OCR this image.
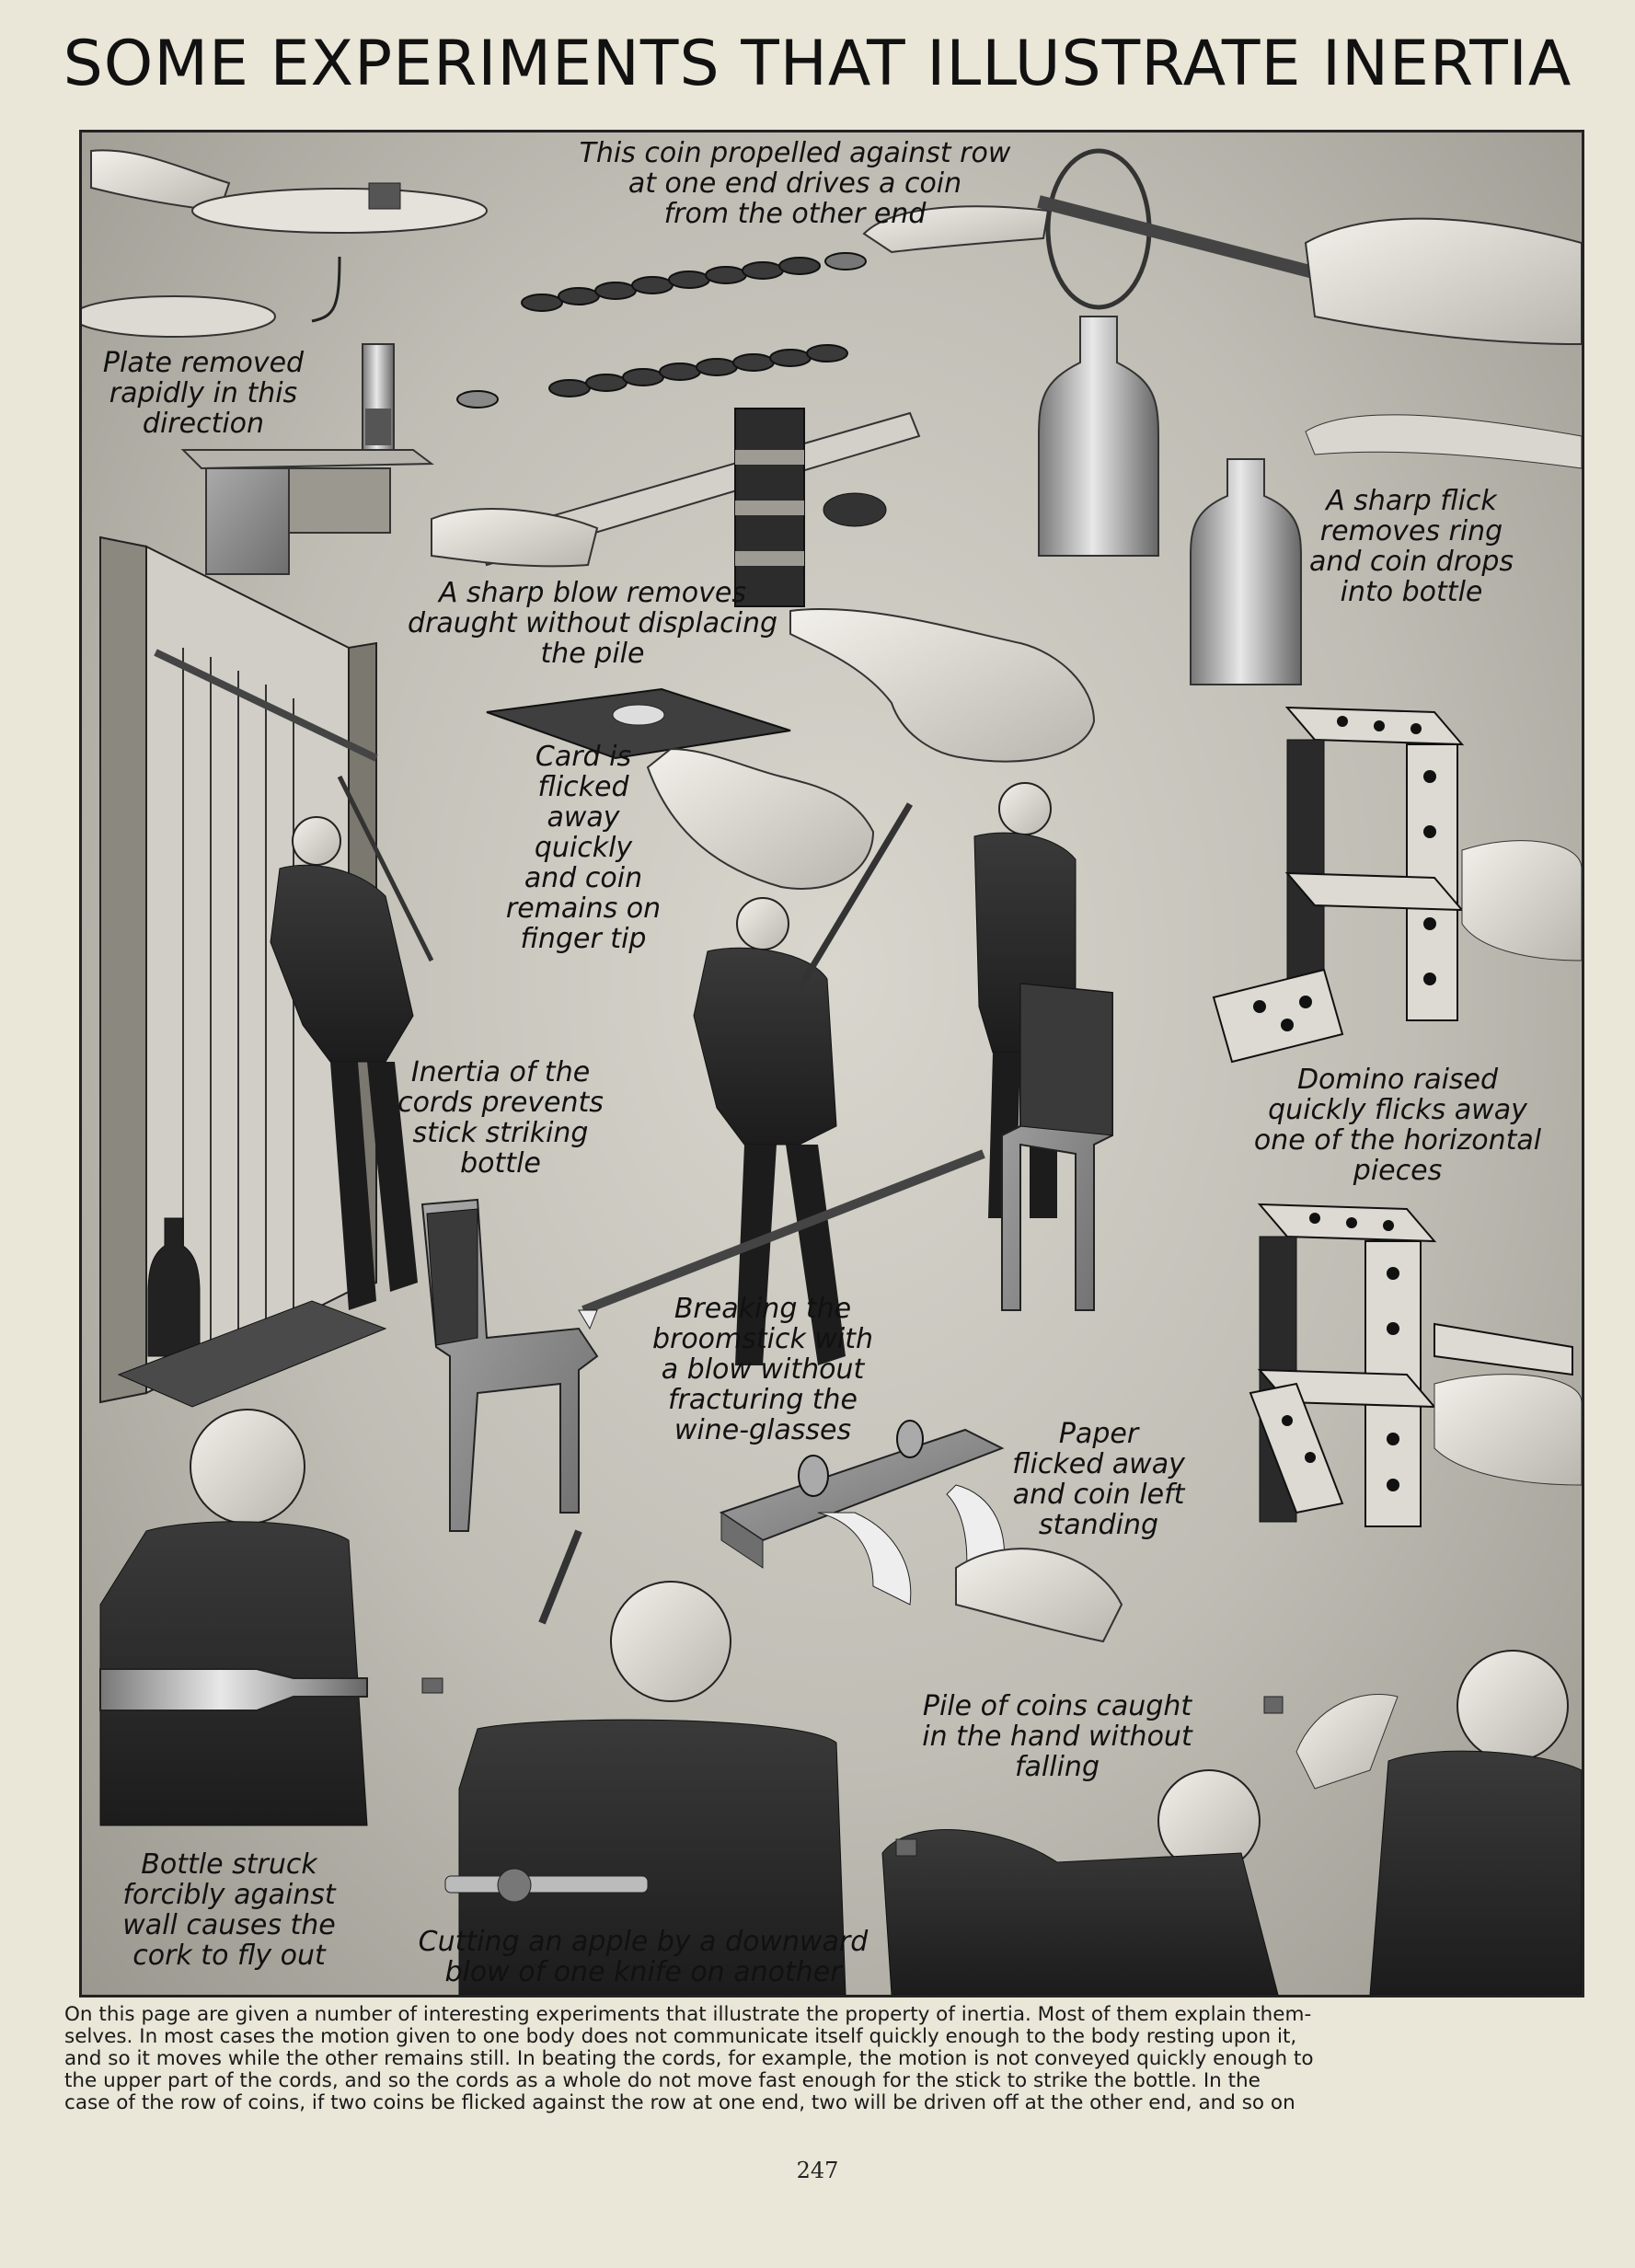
SOME EXPERIMENTS THAT ILLUSTRATE INERTIA
This coin propelled against row
at one end drives a coin
from the other end
Plate removed
rapidly in this
direction
A sharp blow removes
draught without displacing
the pile
A sharp flick
removes ring
and coin drops
into bottle
Card is
flicked
away
quickly
and coin
remains on
finger tip
Inertia of the
cords prevents
stick striking
bottle
Domino raised
quickly flicks away
one of the horizontal
pieces
Breaking the
broomstick with
a blow without
fracturing the
wine-glasses	Paper
flicked away
and coin left
standing
Pile of coins caught
in the hand without
falling
Bottle struck
forcibly against
wall causes the
cork to fly out	Cutting an apple by a downward
blow of one knife on another

On this page are given a number of interesting experiments that illustrate the property of inertia. Most of them explain them-
selves. In most cases the motion given to one body does not communicate itself quickly enough to the body resting upon it,
and so it moves while the other remains still. In beating the cords, for example, the motion is not conveyed quickly enough to
the upper part of the cords, and so the cords as a whole do not move fast enough for the stick to strike the bottle. In the
case of the row of coins, if two coins be flicked against the row at one end, two will be driven off at the other end, and so on

247
